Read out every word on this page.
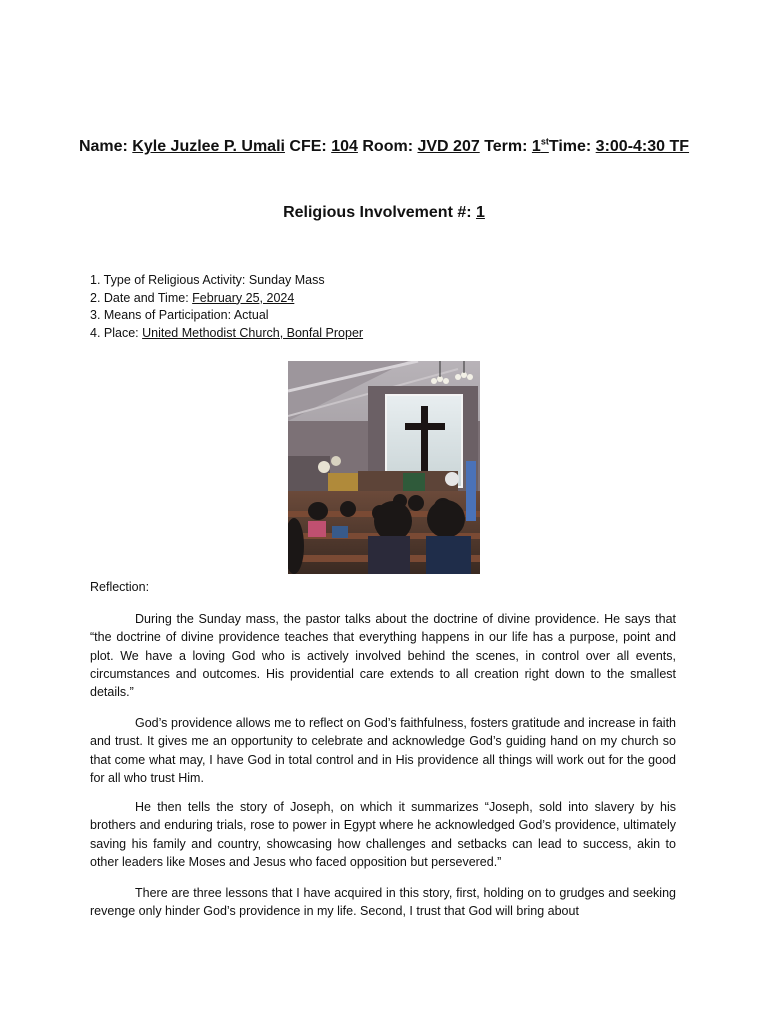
Name: Kyle Juzlee P. Umali CFE: 104 Room: JVD 207 Term: 1stTime: 3:00-4:30 TF
Religious Involvement #: 1
1. Type of Religious Activity: Sunday Mass
2. Date and Time: February 25, 2024
3. Means of Participation: Actual
4. Place: United Methodist Church, Bonfal Proper
Reflection:

During the Sunday mass, the pastor talks about the doctrine of divine providence. He says that “the doctrine of divine providence teaches that everything happens in our life has a purpose, point and plot. We have a loving God who is actively involved behind the scenes, in control over all events, circumstances and outcomes. His providential care extends to all creation right down to the smallest details.”

God’s providence allows me to reflect on God’s faithfulness, fosters gratitude and increase in faith and trust. It gives me an opportunity to celebrate and acknowledge God’s guiding hand on my church so that come what may, I have God in total control and in His providence all things will work out for the good for all who trust Him.

He then tells the story of Joseph, on which it summarizes “Joseph, sold into slavery by his brothers and enduring trials, rose to power in Egypt where he acknowledged God’s providence, ultimately saving his family and country, showcasing how challenges and setbacks can lead to success, akin to other leaders like Moses and Jesus who faced opposition but persevered.”

There are three lessons that I have acquired in this story, first, holding on to grudges and seeking revenge only hinder God’s providence in my life. Second, I trust that God will bring about
